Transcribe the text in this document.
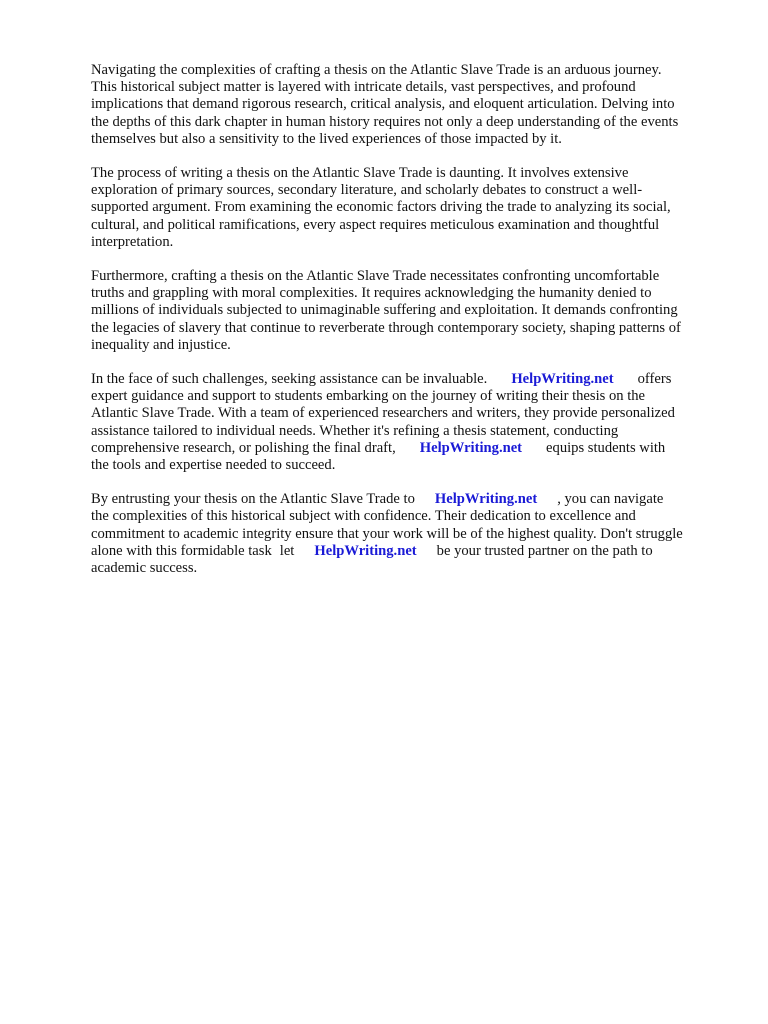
Navigating the complexities of crafting a thesis on the Atlantic Slave Trade is an arduous journey.
This historical subject matter is layered with intricate details, vast perspectives, and profound
implications that demand rigorous research, critical analysis, and eloquent articulation. Delving into
the depths of this dark chapter in human history requires not only a deep understanding of the events
themselves but also a sensitivity to the lived experiences of those impacted by it.

The process of writing a thesis on the Atlantic Slave Trade is daunting. It involves extensive
exploration of primary sources, secondary literature, and scholarly debates to construct a well-
supported argument. From examining the economic factors driving the trade to analyzing its social,
cultural, and political ramifications, every aspect requires meticulous examination and thoughtful
interpretation.

Furthermore, crafting a thesis on the Atlantic Slave Trade necessitates confronting uncomfortable
truths and grappling with moral complexities. It requires acknowledging the humanity denied to
millions of individuals subjected to unimaginable suffering and exploitation. It demands confronting
the legacies of slavery that continue to reverberate through contemporary society, shaping patterns of
inequality and injustice.

In the face of such challenges, seeking assistance can be invaluable. HelpWriting.net offers
expert guidance and support to students embarking on the journey of writing their thesis on the
Atlantic Slave Trade. With a team of experienced researchers and writers, they provide personalized
assistance tailored to individual needs. Whether it's refining a thesis statement, conducting
comprehensive research, or polishing the final draft, HelpWriting.net equips students with
the tools and expertise needed to succeed.

By entrusting your thesis on the Atlantic Slave Trade to HelpWriting.net , you can navigate
the complexities of this historical subject with confidence. Their dedication to excellence and
commitment to academic integrity ensure that your work will be of the highest quality. Don't struggle
alone with this formidable task let HelpWriting.net be your trusted partner on the path to
academic success.
